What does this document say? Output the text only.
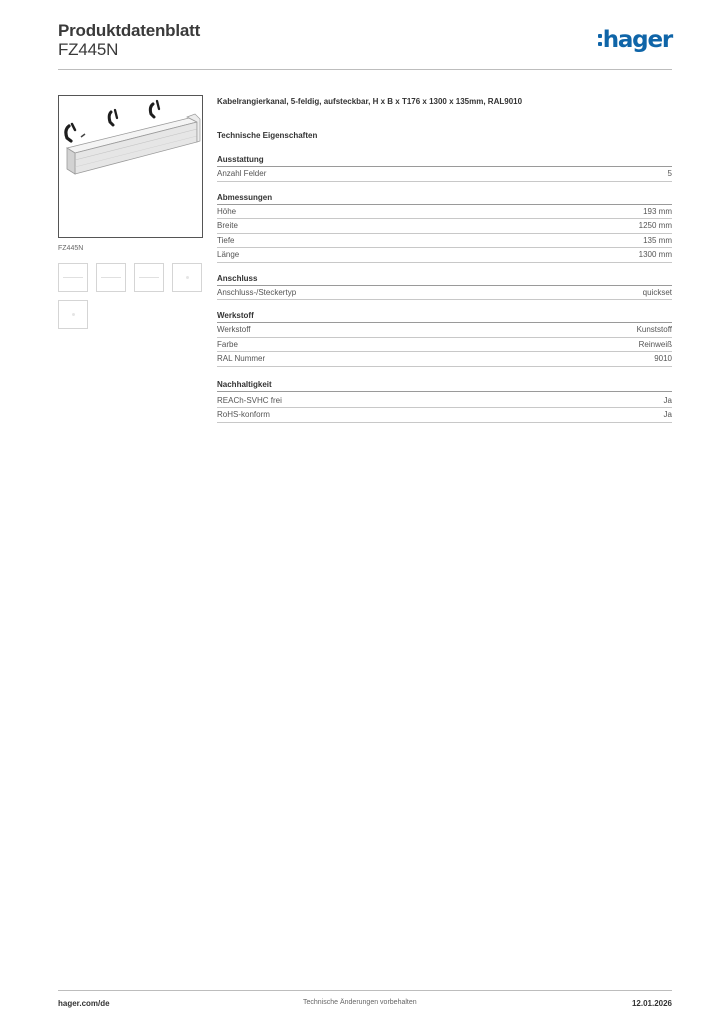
Produktdatenblatt
FZ445N	hager
FZ445N
Kabelrangierkanal, 5-feldig, aufsteckbar, H x B x T176 x 1300 x 135mm, RAL9010
Technische Eigenschaften
Ausstattung
Anzahl Felder	5
Abmessungen
Höhe	193 mm
Breite	1250 mm
Tiefe	135 mm
Länge	1300 mm
Anschluss
Anschluss-/Steckertyp	quickset
Werkstoff
Werkstoff	Kunststoff
Farbe	Reinweiß
RAL Nummer	9010
Nachhaltigkeit
REACh-SVHC frei	Ja
RoHS-konform	Ja
hager.com/de	Technische Änderungen vorbehalten	12.01.2026
